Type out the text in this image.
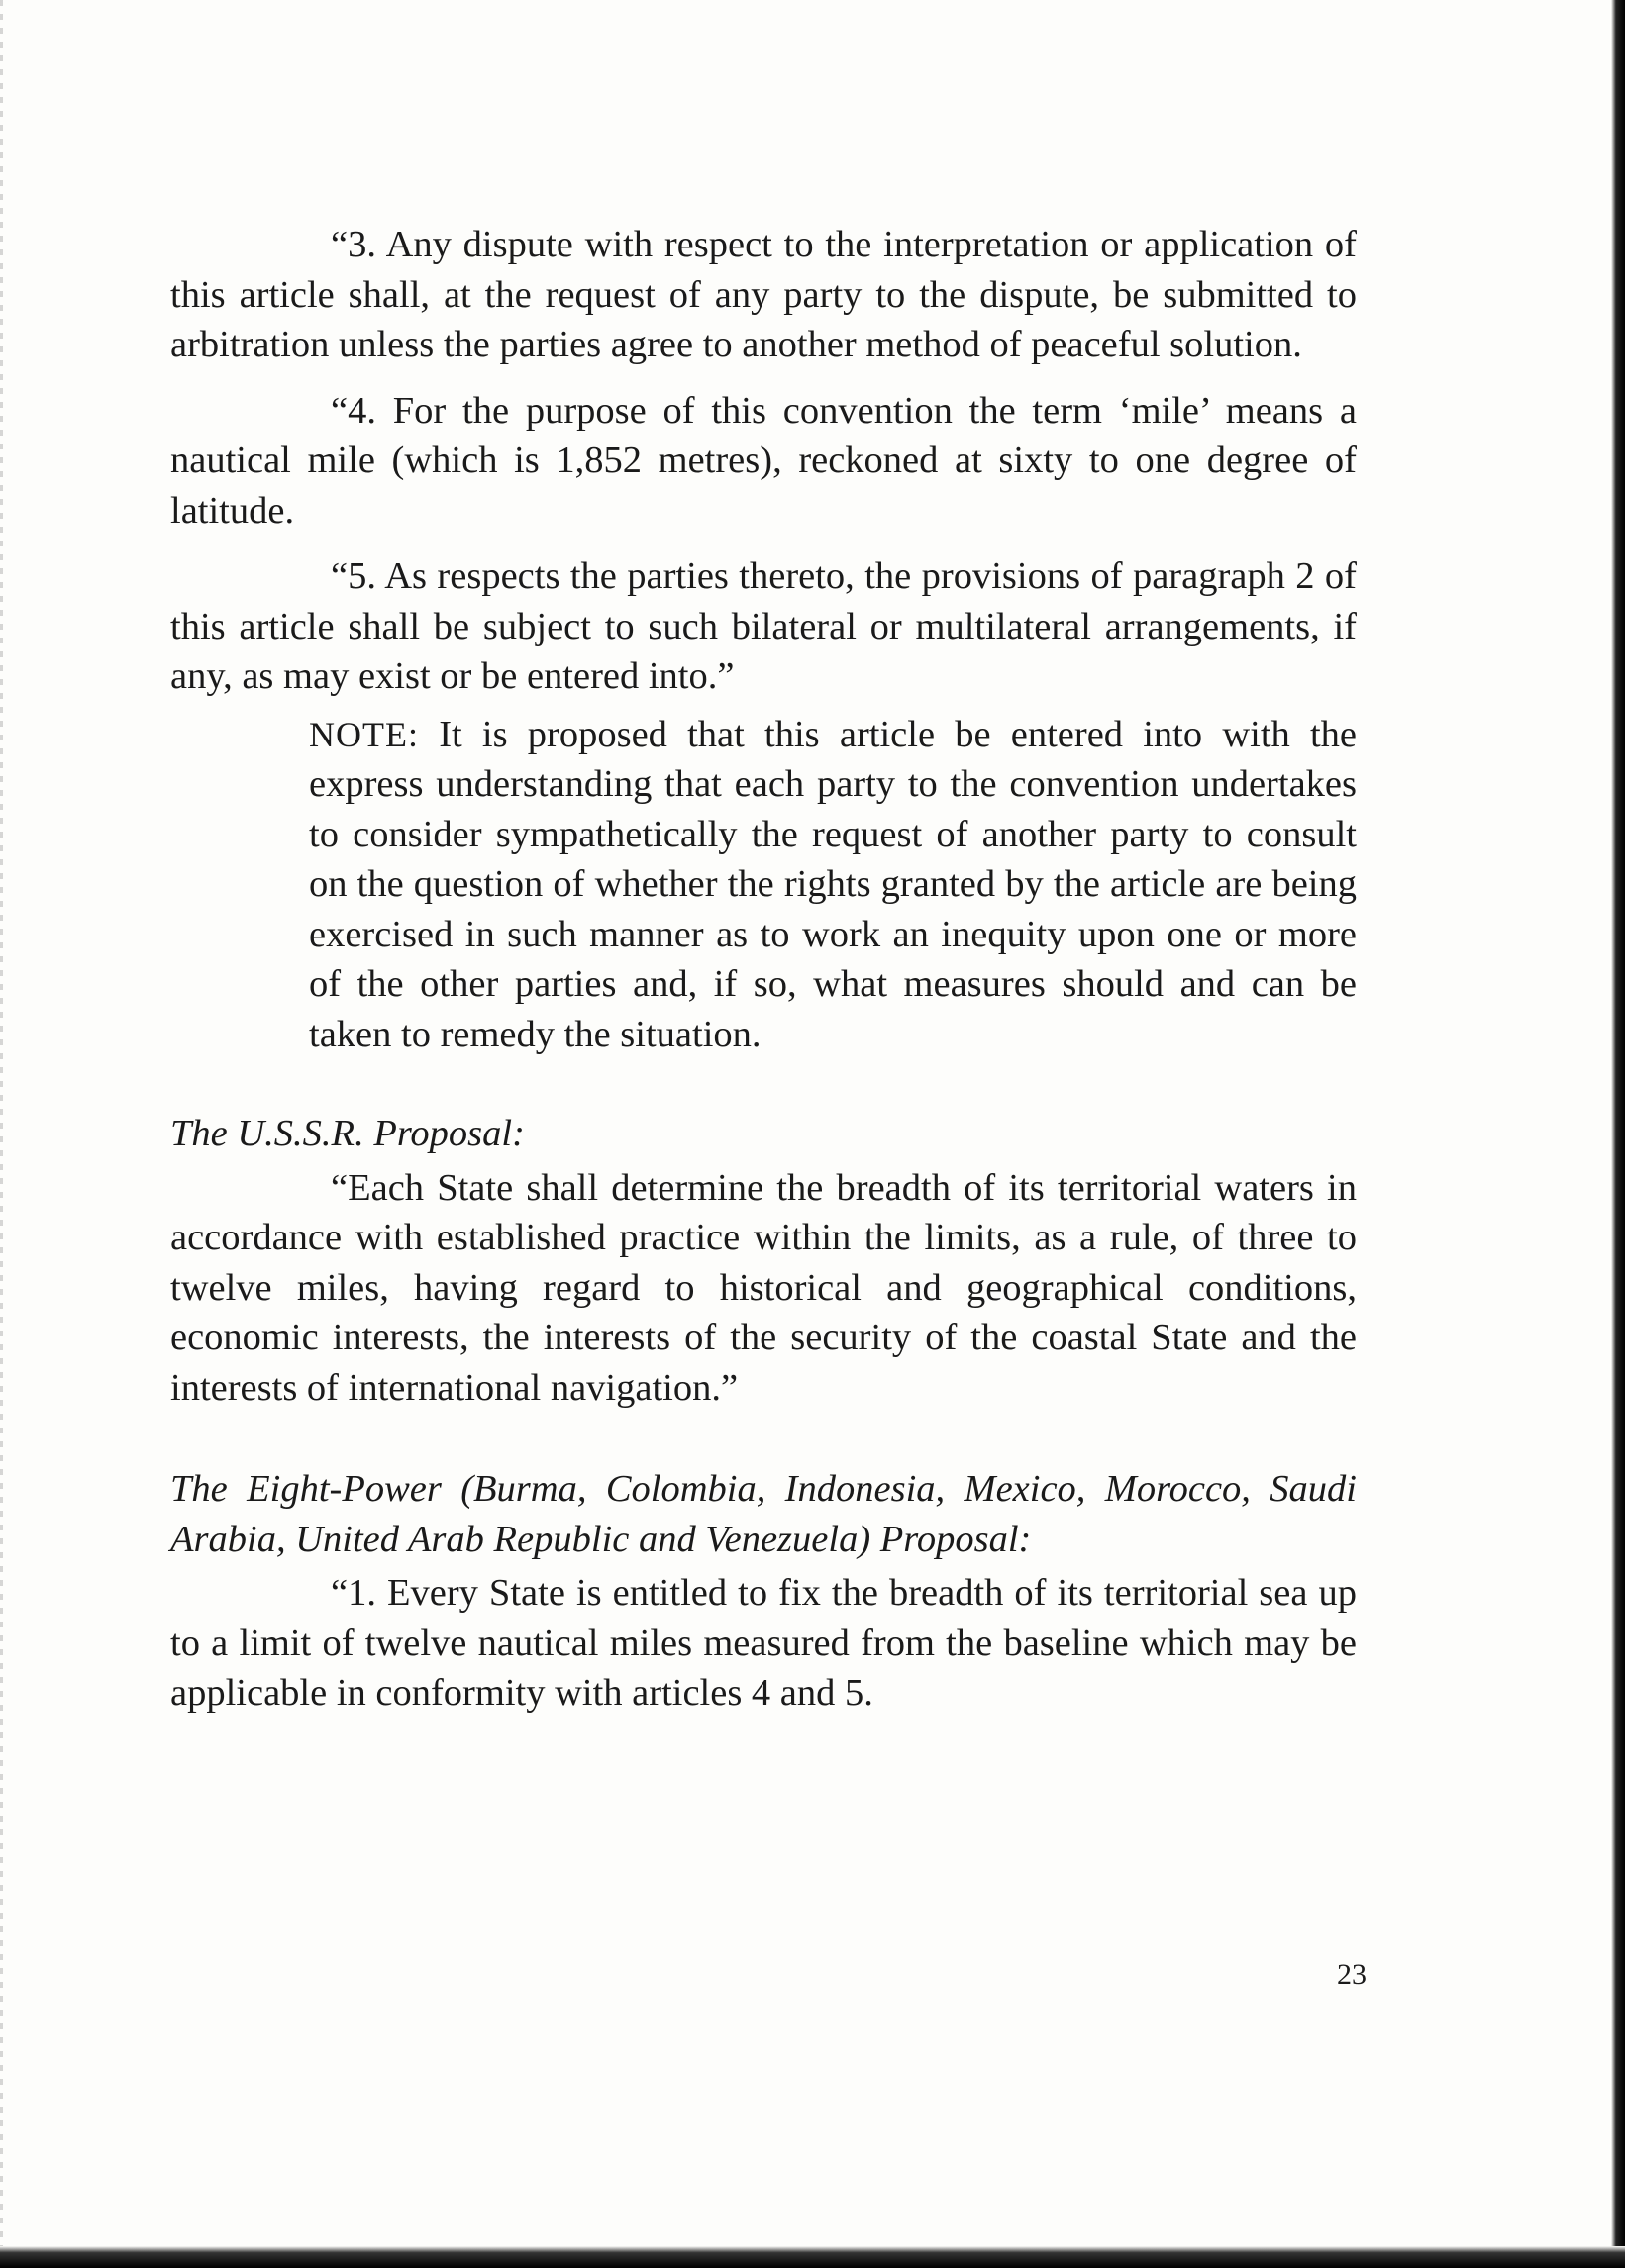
“3. Any dispute with respect to the interpretation or application of this article shall, at the request of any party to the dispute, be submitted to arbitration unless the parties agree to another method of peaceful solution.

“4. For the purpose of this convention the term ‘mile’ means a nautical mile (which is 1,852 metres), reckoned at sixty to one degree of latitude.

“5. As respects the parties thereto, the provisions of paragraph 2 of this article shall be subject to such bilateral or multilateral arrangements, if any, as may exist or be entered into.”

NOTE: It is proposed that this article be entered into with the express understanding that each party to the convention undertakes to consider sympathetically the request of another party to consult on the question of whether the rights granted by the article are being exercised in such manner as to work an inequity upon one or more of the other parties and, if so, what measures should and can be taken to remedy the situation.

The U.S.S.R. Proposal:

“Each State shall determine the breadth of its territorial waters in accordance with established practice within the limits, as a rule, of three to twelve miles, having regard to historical and geographical conditions, economic interests, the interests of the security of the coastal State and the interests of international navigation.”

The Eight-Power (Burma, Colombia, Indonesia, Mexico, Morocco, Saudi Arabia, United Arab Republic and Venezuela) Proposal:

“1. Every State is entitled to fix the breadth of its territorial sea up to a limit of twelve nautical miles measured from the baseline which may be applicable in conformity with articles 4 and 5.

23
